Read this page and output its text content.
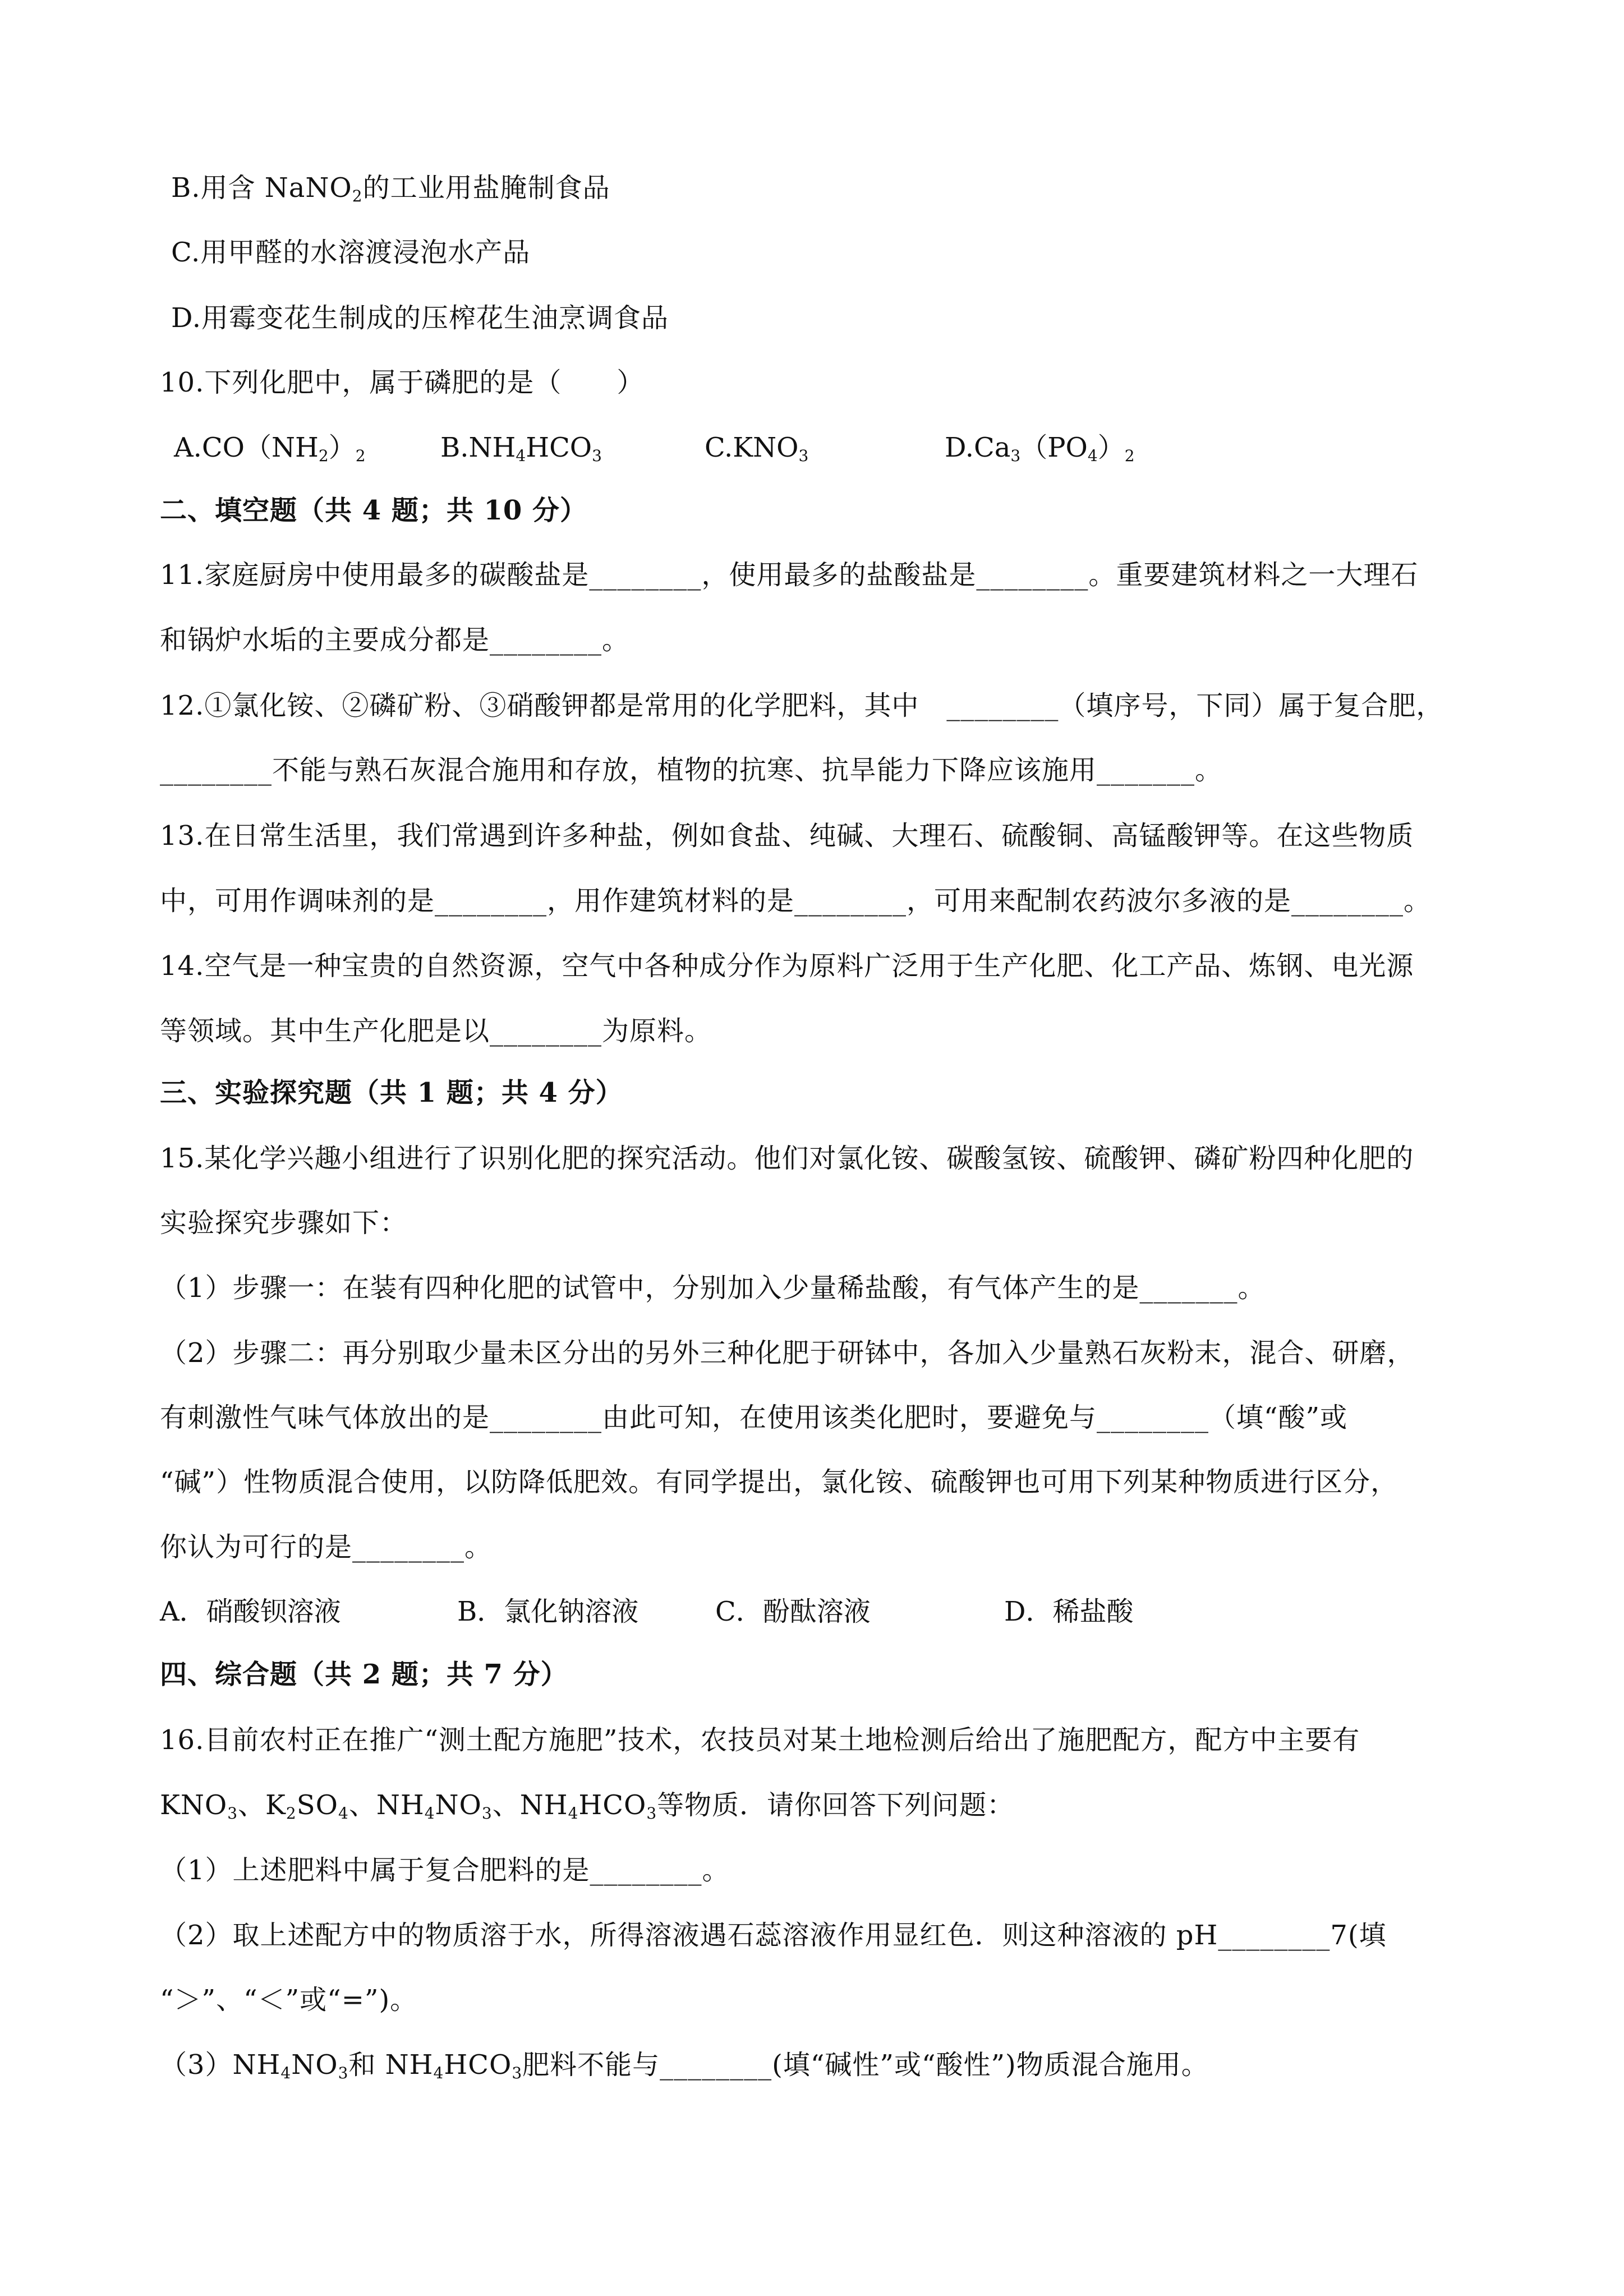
B.用含 NaNO$_2$的工业用盐腌制食品
C.用甲醛的水溶渡浸泡水产品
D.用霉变花生制成的压榨花生油烹调食品
10.下列化肥中，属于磷肥的是（　　）
$A.CO(NH_2)_2$	$B.NH_4HCO_3$	$C.KNO_3$	$D.Ca_3(PO_4)_2$
二、填空题（共 4 题；共 10 分）
11.家庭厨房中使用最多的碳酸盐是________，使用最多的盐酸盐是________。重要建筑材料之一大理石
和锅炉水垢的主要成分都是________。
12.①氯化铵、②磷矿粉、③硝酸钾都是常用的化学肥料，其中　________（填序号，下同）属于复合肥，
________不能与熟石灰混合施用和存放，植物的抗寒、抗旱能力下降应该施用_______。
13.在日常生活里，我们常遇到许多种盐，例如食盐、纯碱、大理石、硫酸铜、高锰酸钾等。在这些物质
中，可用作调味剂的是________，用作建筑材料的是________，可用来配制农药波尔多液的是________。
14.空气是一种宝贵的自然资源，空气中各种成分作为原料广泛用于生产化肥、化工产品、炼钢、电光源
等领域。其中生产化肥是以________为原料。
三、实验探究题（共 1 题；共 4 分）
15.某化学兴趣小组进行了识别化肥的探究活动。他们对氯化铵、碳酸氢铵、硫酸钾、磷矿粉四种化肥的
实验探究步骤如下：
（1）步骤一：在装有四种化肥的试管中，分别加入少量稀盐酸，有气体产生的是_______。
（2）步骤二：再分别取少量未区分出的另外三种化肥于研钵中，各加入少量熟石灰粉末，混合、研磨，
有刺激性气味气体放出的是________由此可知，在使用该类化肥时，要避免与________（填“酸”或
“碱”）性物质混合使用，以防降低肥效。有同学提出，氯化铵、硫酸钾也可用下列某种物质进行区分，
你认为可行的是________。
A．硝酸钡溶液	B．氯化钠溶液	C．酚酞溶液	D．稀盐酸
四、综合题（共 2 题；共 7 分）
16.目前农村正在推广“测土配方施肥”技术，农技员对某土地检测后给出了施肥配方，配方中主要有
$KNO_3$、$K_2SO_4$、$NH_4NO_3$、$NH_4HCO_3$等物质．请你回答下列问题：
（1）上述肥料中属于复合肥料的是________。
（2）取上述配方中的物质溶于水，所得溶液遇石蕊溶液作用显红色．则这种溶液的 pH________7(填
“＞”、“＜”或“=”)。
$(3)NH_4NO_3$和 $NH_4HCO_3$肥料不能与________(填“碱性”或“酸性”)物质混合施用。
